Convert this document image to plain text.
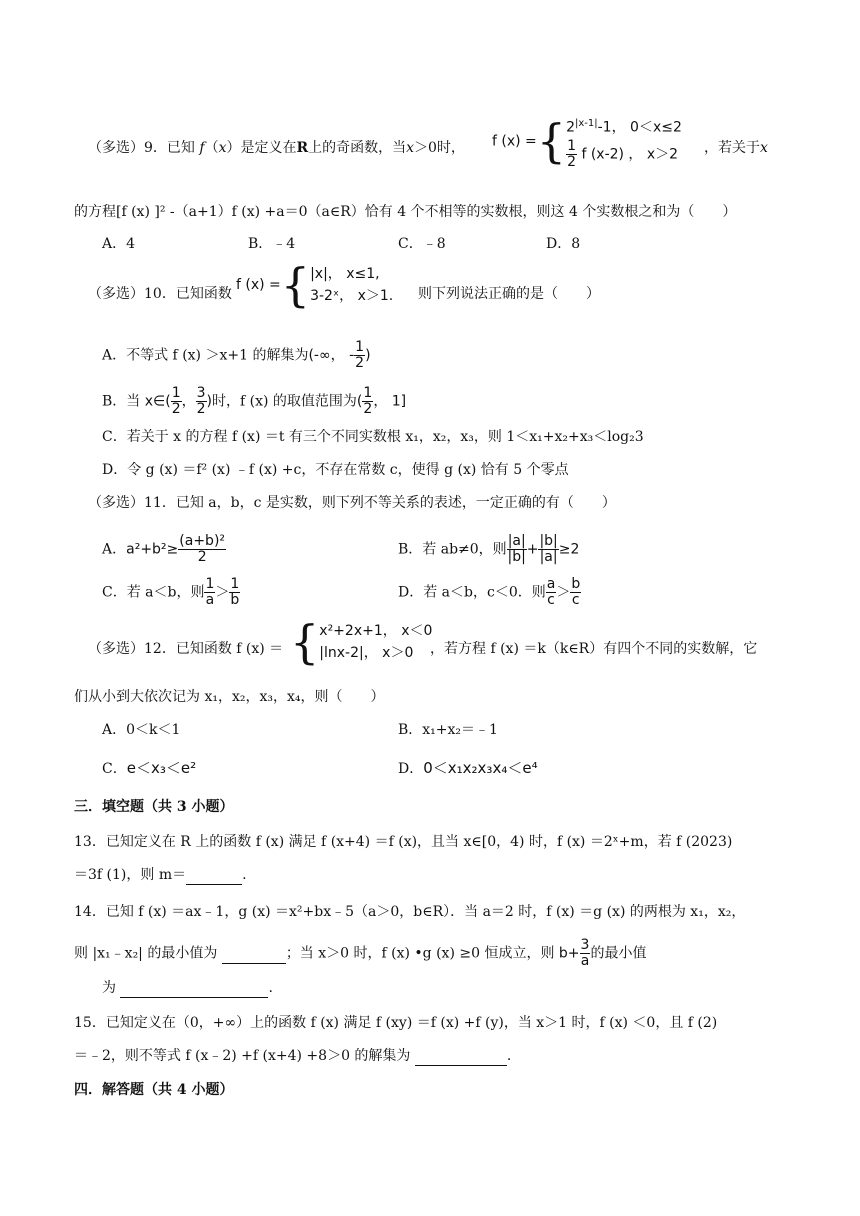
（多选）9．已知 f（x）是定义在R上的奇函数，当x＞0时， f (x) ={ $2^{|x-1|}-1$， 0＜x≤2
$\frac{1}{2}$ f (x-2) ， x＞2 ，若关于x
的方程[f (x) ]² -（a+1）f (x) +a＝0（a∈R）恰有 4 个不相等的实数根，则这 4 个实数根之和为（　　）
A．4	B．﹣4	C．﹣8	D．8
（多选）10．已知函数
f (x) ={ |x|， x≤1,
3-2ˣ， x＞1. 则下列说法正确的是（　　）
A．不等式 f (x) ＞x+1 的解集为(-∞， - $\frac{1}{2}$ )
B．当 x∈( $\frac{1}{2}$ ， $\frac{3}{2}$ )时，f (x) 的取值范围为( $\frac{1}{2}$ ， 1]
C．若关于 x 的方程 f (x) ＝t 有三个不同实数根 x₁，x₂，x₃，则 1＜x₁+x₂+x₃＜log₂3
D．令 g (x) ＝f² (x) ﹣f (x) +c，不存在常数 c，使得 g (x) 恰有 5 个零点
（多选）11．已知 a，b，c 是实数，则下列不等关系的表述，一定正确的有（　　）
A．$a^2+b^2\ge \frac{\text{(a+b)²}}{2}$	B．若 ab≠0，则 $\frac{|a|}{|b|} + \frac{|b|}{|a|} \ge 2$
C．若 a＜b，则 $\frac{1}{a} > \frac{1}{b}$	D．若 a＜b，c＜0．则 $\frac{a}{c} > \frac{b}{c}$
（多选）12．已知函数 f (x) ＝ { x²+2x+1， x＜0
|lnx-2|， x＞0	，若方程 f (x) ＝k（k∈R）有四个不同的实数解，它
们从小到大依次记为 x₁，x₂，x₃，x₄，则（　　）
A．0＜k＜1	B．x₁+x₂＝﹣1
C．e＜x₃＜e²	D．0＜x₁x₂x₃x₄＜e⁴
三．填空题（共 3 小题）
13．已知定义在 R 上的函数 f (x) 满足 f (x+4) ＝f (x)，且当 x∈[0，4) 时，f (x) ＝2ˣ+m，若 f (2023)
＝3f (1)，则 m＝	.
14．已知 f (x) ＝ax﹣1，g (x) ＝x²+bx﹣5（a＞0，b∈R）．当 a＝2 时，f (x) ＝g (x) 的两根为 x₁，x₂，
则 |x₁﹣x₂| 的最小值为	；当 x＞0 时，f (x) •g (x) ≥0 恒成立，则 $b+ \frac{3}{a}$ 的最小值
为	.
15．已知定义在（0，+∞）上的函数 f (x) 满足 f (xy) ＝f (x) +f (y)，当 x＞1 时，f (x) ＜0，且 f (2)
＝﹣2，则不等式 f (x﹣2) +f (x+4) +8＞0 的解集为	.
四．解答题（共 4 小题）
